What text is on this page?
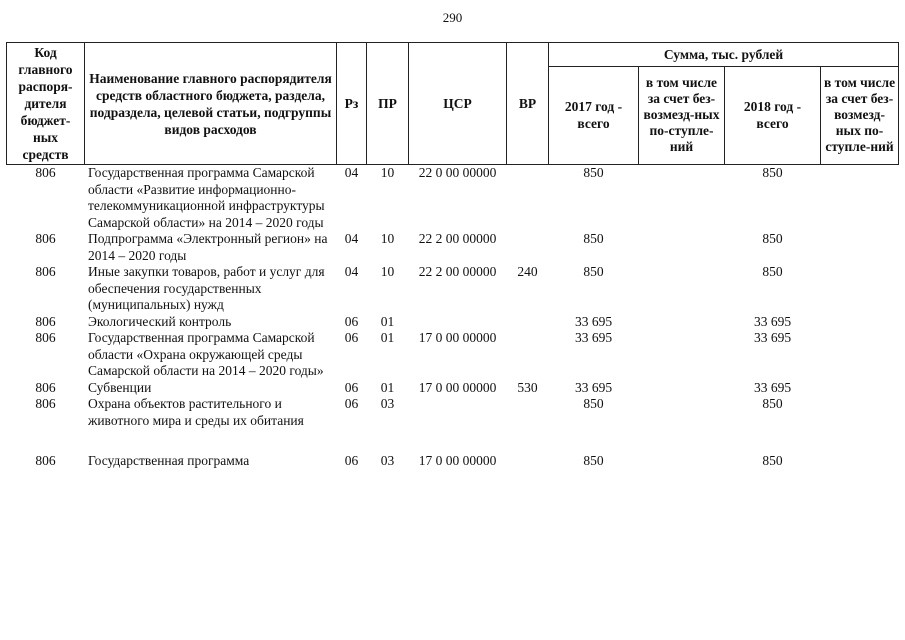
290
Код главного распоря-дителя бюджет-ных средств	Наименование главного распорядителя средств областного бюджета, раздела, подраздела, целевой статьи, подгруппы видов расходов	Рз	ПР	ЦСР	ВР	Сумма, тыс. рублей			
						2017 год - всего	в том числе за счет без-возмезд-ных по-ступле-ний	2018 год - всего	в том числе за счет без-возмезд-ных по-ступле-ний
806	Государственная программа Самарской области «Развитие информационно-телекоммуникационной инфраструктуры Самарской области» на 2014 – 2020 годы	04	10	22 0 00 00000		850		850	
806	Подпрограмма «Электронный регион» на 2014 – 2020 годы	04	10	22 2 00 00000		850		850	
806	Иные закупки товаров, работ и услуг для обеспечения государственных (муниципальных) нужд	04	10	22 2 00 00000	240	850		850	
806	Экологический контроль	06	01			33 695		33 695	
806	Государственная программа Самарской области «Охрана окружающей среды Самарской области на 2014 – 2020 годы»	06	01	17 0 00 00000		33 695		33 695	
806	Субвенции	06	01	17 0 00 00000	530	33 695		33 695	
806	Охрана объектов растительного и животного мира и среды их обитания	06	03			850		850	

806	Государственная программа	06	03	17 0 00 00000		850		850	
